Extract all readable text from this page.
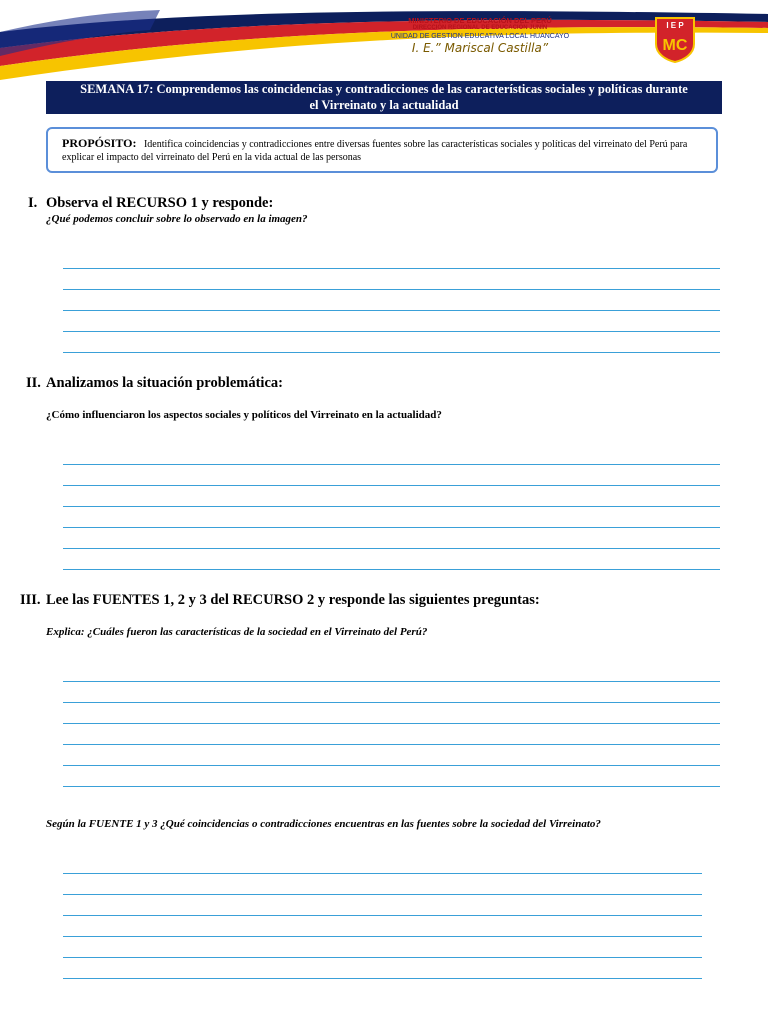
MINISTERIO DE EDUCACIÓN DEL PERÚ
DIRECCIÓN REGIONAL DE EDUCACIÓN JUNÍN
UNIDAD DE GESTION EDUCATIVA LOCAL HUANCAYO
I. E.” Mariscal Castilla”
I E P
MC
SEMANA 17: Comprendemos las coincidencias y contradicciones de las características sociales y políticas durante
el Virreinato y la actualidad
PROPÓSITO: Identifica coincidencias y contradicciones entre diversas fuentes sobre las características sociales y políticas del virreinato del Perú para explicar el impacto del virreinato del Perú en la vida actual de las personas
I. Observa el RECURSO 1 y responde:
¿Qué podemos concluir sobre lo observado en la imagen?
II. Analizamos la situación problemática:
¿Cómo influenciaron los aspectos sociales y políticos del Virreinato en la actualidad?
III. Lee las FUENTES 1, 2 y 3 del RECURSO 2 y responde las siguientes preguntas:
Explica: ¿Cuáles fueron las características de la sociedad en el Virreinato del Perú?
Según la FUENTE 1 y 3 ¿Qué coincidencias o contradicciones encuentras en las fuentes sobre la sociedad del Virreinato?
